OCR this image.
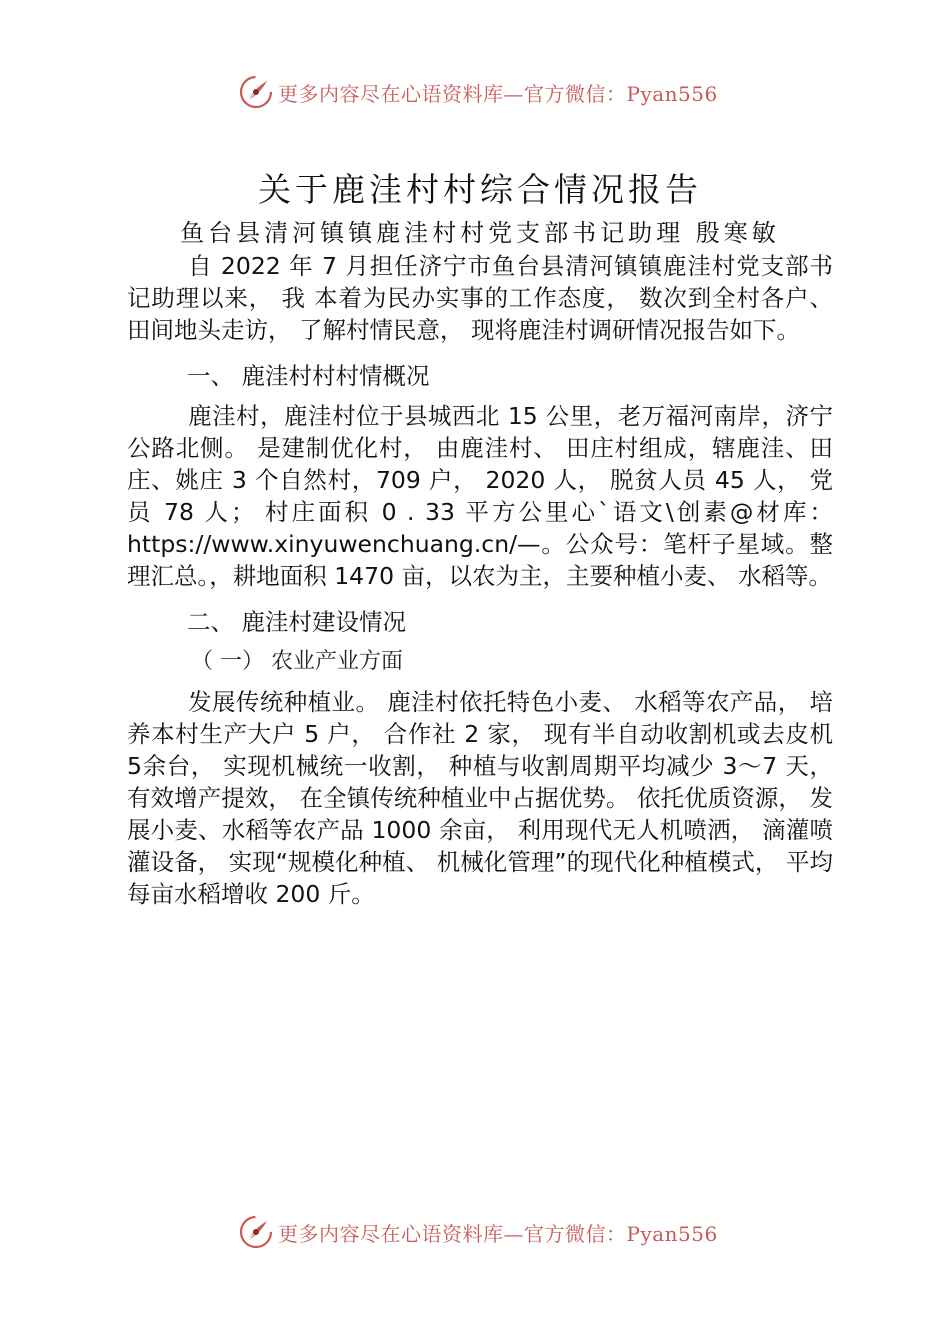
更多内容尽在心语资料库—官方微信：Pyan556
关于鹿洼村村综合情况报告
鱼台县清河镇镇鹿洼村村党支部书记助理 殷寒敏

自 2022 年 7 月担任济宁市鱼台县清河镇镇鹿洼村党支部书记助理以来， 我 本着为民办实事的工作态度， 数次到全村各户、 田间地头走访， 了解村情民意， 现将鹿洼村调研情况报告如下。

一、 鹿洼村村村情概况

鹿洼村，鹿洼村位于县城西北 15 公里，老万福河南岸，济宁公路北侧。 是建制优化村， 由鹿洼村、 田庄村组成，辖鹿洼、田庄、姚庄 3 个自然村，709 户， 2020 人， 脱贫人员 45 人， 党员 78 人； 村庄面积 0 . 33 平方公里心`语文\创素@材库：https://www.xinyuwenchuang.cn/—。公众号：笔杆子星域。整理汇总。，耕地面积 1470 亩，以农为主，主要种植小麦、 水稻等。

二、 鹿洼村建设情况
（ 一） 农业产业方面

发展传统种植业。 鹿洼村依托特色小麦、 水稻等农产品， 培养本村生产大户 5 户， 合作社 2 家， 现有半自动收割机或去皮机 5余台， 实现机械统一收割， 种植与收割周期平均减少 3～7 天， 有效增产提效， 在全镇传统种植业中占据优势。 依托优质资源， 发展小麦、水稻等农产品 1000 余亩， 利用现代无人机喷洒， 滴灌喷灌设备， 实现“规模化种植、 机械化管理”的现代化种植模式， 平均每亩水稻增收 200 斤。

更多内容尽在心语资料库—官方微信：Pyan556
